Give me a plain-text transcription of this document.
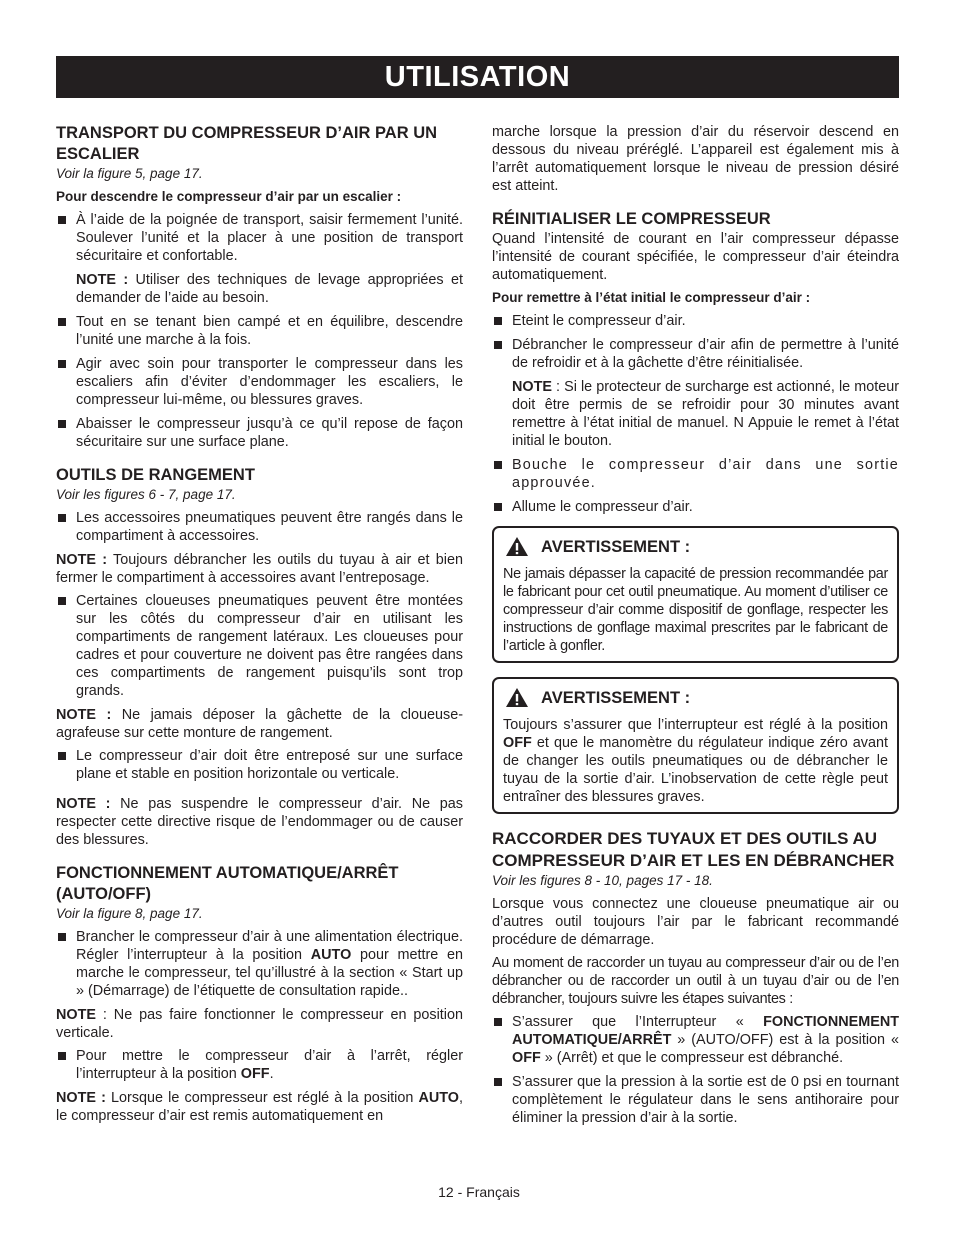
UTILISATION
TRANSPORT DU COMPRESSEUR D’AIR PAR UN ESCALIER
Voir la figure 5, page 17.
Pour descendre le compresseur d’air par un escalier :
À l’aide de la poignée de transport, saisir fermement l’unité. Soulever l’unité et la placer à une position de transport sécuritaire et confortable.
NOTE : Utiliser des techniques de levage appropriées et demander de l’aide au besoin.
Tout en se tenant bien campé et en équilibre, descendre l’unité une marche à la fois.
Agir avec soin pour transporter le compresseur dans les escaliers afin d’éviter d’endommager les escaliers, le compresseur lui-même, ou blessures graves.
Abaisser le compresseur jusqu’à ce qu’il repose de façon sécuritaire sur une surface plane.
OUTILS DE RANGEMENT
Voir les figures 6 - 7, page 17.
Les accessoires pneumatiques peuvent être rangés dans le compartiment à accessoires.

NOTE : Toujours débrancher les outils du tuyau à air et bien fermer le compartiment à accessoires avant l’entreposage.

Certaines cloueuses pneumatiques peuvent être montées sur les côtés du compresseur d’air en utilisant les compartiments de rangement latéraux. Les cloueuses pour cadres et pour couverture ne doivent pas être rangées dans ces compartiments de rangement puisqu’ils sont trop grands.

NOTE : Ne jamais déposer la gâchette de la cloueuse-agrafeuse sur cette monture de rangement.

Le compresseur d’air doit être entreposé sur une surface plane et stable en position horizontale ou verticale.

NOTE : Ne pas suspendre le compresseur d’air. Ne pas respecter cette directive risque de l’endommager ou de causer des blessures.

FONCTIONNEMENT AUTOMATIQUE/ARRÊT (AUTO/OFF)
Voir la figure 8, page 17.
Brancher le compresseur d’air à une alimentation électrique. Régler l’interrupteur à la position AUTO pour mettre en marche le compresseur, tel qu’illustré à la section « Start up » (Démarrage) de l’étiquette de consultation rapide..

NOTE : Ne pas faire fonctionner le compresseur en position verticale.

Pour mettre le compresseur d’air à l’arrêt, régler l’interrupteur à la position OFF.

NOTE : Lorsque le compresseur est réglé à la position AUTO, le compresseur d’air est remis automatiquement en

marche lorsque la pression d’air du réservoir descend en dessous du niveau préréglé. L’appareil est également mis à l’arrêt automatiquement lorsque le niveau de pression désiré est atteint.

RÉINITIALISER LE COMPRESSEUR

Quand l’intensité de courant en l’air compresseur dépasse l’intensité de courant spécifiée, le compresseur d’air éteindra automatiquement.

Pour remettre à l’état initial le compresseur d’air :
Eteint le compresseur d’air.
Débrancher le compresseur d’air afin de permettre à l’unité de refroidir et à la gâchette d’être réinitialisée.
NOTE : Si le protecteur de surcharge est actionné, le moteur doit être permis de se refroidir pour 30 minutes avant remettre à l’état initial de manuel. N Appuie le remet à l’état initial le bouton.
Bouche le compresseur d’air dans une sortie approuvée.
Allume le compresseur d’air.
AVERTISSEMENT :
Ne jamais dépasser la capacité de pression recommandée par le fabricant pour cet outil pneumatique. Au moment d’utiliser ce compresseur d’air comme dispositif de gonflage, respecter les instructions de gonflage maximal prescrites par le fabricant de l’article à gonfler.
AVERTISSEMENT :
Toujours s’assurer que l’interrupteur est réglé à la position OFF et que le manomètre du régulateur indique zéro avant de changer les outils pneumatiques ou de débrancher le tuyau de la sortie d’air. L’inobservation de cette règle peut entraîner des blessures graves.
RACCORDER DES TUYAUX ET DES OUTILS AU COMPRESSEUR D’AIR ET LES EN DÉBRANCHER
Voir les figures 8 - 10, pages 17 - 18.

Lorsque vous connectez une cloueuse pneumatique air ou d’autres outil toujours l’air par le fabricant recommandé procédure de démarrage.

Au moment de raccorder un tuyau au compresseur d’air ou de l’en débrancher ou de raccorder un outil à un tuyau d’air ou de l’en débrancher, toujours suivre les étapes suivantes :

S’assurer que l’Interrupteur « FONCTIONNEMENT AUTOMATIQUE/ARRÊT » (AUTO/OFF) est à la position « OFF » (Arrêt) et que le compresseur est débranché.
S’assurer que la pression à la sortie est de 0 psi en tournant complètement le régulateur dans le sens antihoraire pour éliminer la pression d’air à la sortie.
12 - Français
